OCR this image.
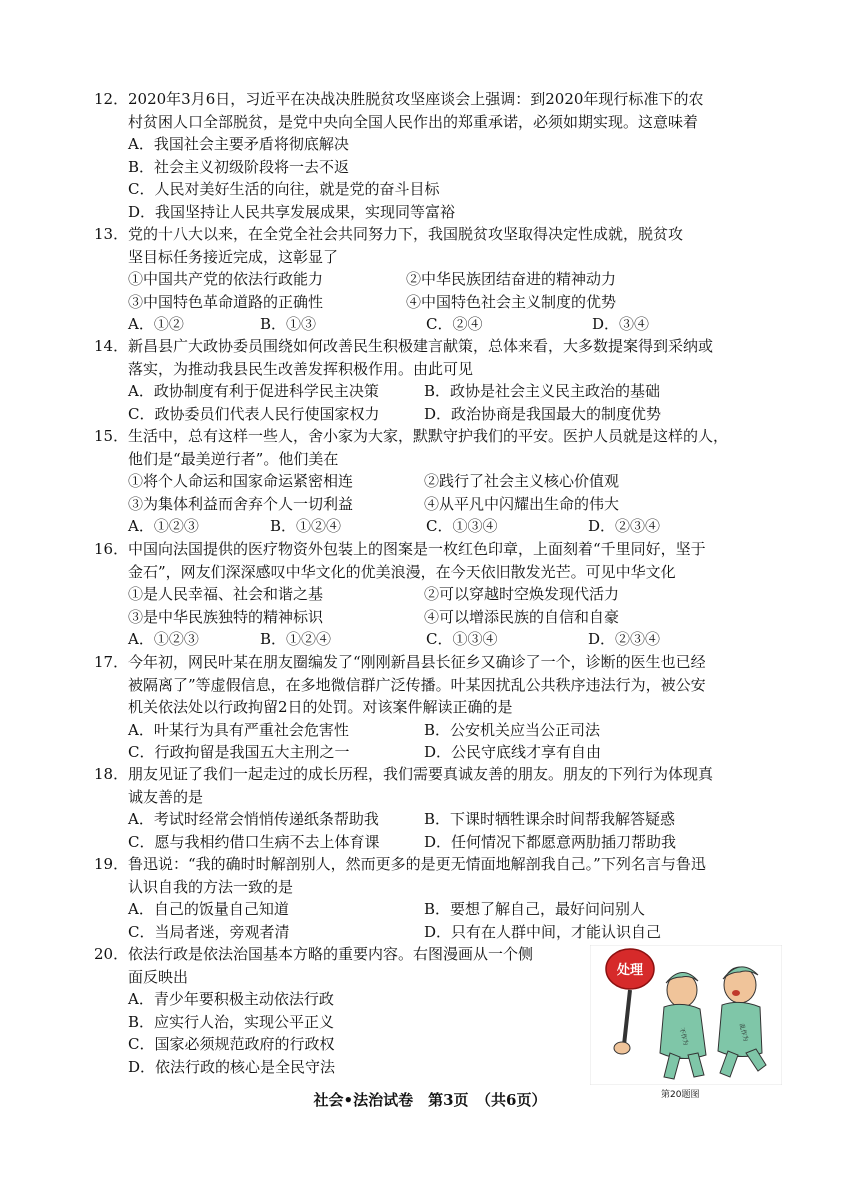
12． 2020年3月6日，习近平在决战决胜脱贫攻坚座谈会上强调：到2020年现行标准下的农
村贫困人口全部脱贫，是党中央向全国人民作出的郑重承诺，必须如期实现。这意味着
A．我国社会主要矛盾将彻底解决
B．社会主义初级阶段将一去不返
C．人民对美好生活的向往，就是党的奋斗目标
D．我国坚持让人民共享发展成果，实现同等富裕
13． 党的十八大以来，在全党全社会共同努力下，我国脱贫攻坚取得决定性成就，脱贫攻
坚目标任务接近完成，这彰显了
①中国共产党的依法行政能力	②中华民族团结奋进的精神动力
③中国特色革命道路的正确性	④中国特色社会主义制度的优势
A．①②	B．①③	C．②④	D．③④
14． 新昌县广大政协委员围绕如何改善民生积极建言献策，总体来看，大多数提案得到采纳或
落实，为推动我县民生改善发挥积极作用。由此可见
A．政协制度有利于促进科学民主决策	B．政协是社会主义民主政治的基础
C．政协委员们代表人民行使国家权力	D．政治协商是我国最大的制度优势
15． 生活中，总有这样一些人，舍小家为大家，默默守护我们的平安。医护人员就是这样的人，
他们是“最美逆行者”。他们美在
①将个人命运和国家命运紧密相连	②践行了社会主义核心价值观
③为集体利益而舍弃个人一切利益	④从平凡中闪耀出生命的伟大
A．①②③	B．①②④	C．①③④	D．②③④
16． 中国向法国提供的医疗物资外包装上的图案是一枚红色印章，上面刻着“千里同好，坚于
金石”，网友们深深感叹中华文化的优美浪漫，在今天依旧散发光芒。可见中华文化
①是人民幸福、社会和谐之基	②可以穿越时空焕发现代活力
③是中华民族独特的精神标识	④可以增添民族的自信和自豪
A．①②③	B．①②④	C．①③④	D．②③④
17． 今年初，网民叶某在朋友圈编发了“刚刚新昌县长征乡又确诊了一个，诊断的医生也已经
被隔离了”等虚假信息，在多地微信群广泛传播。叶某因扰乱公共秩序违法行为，被公安
机关依法处以行政拘留2日的处罚。对该案件解读正确的是
A．叶某行为具有严重社会危害性	B．公安机关应当公正司法
C．行政拘留是我国五大主刑之一	D．公民守底线才享有自由
18． 朋友见证了我们一起走过的成长历程，我们需要真诚友善的朋友。朋友的下列行为体现真
诚友善的是
A．考试时经常会悄悄传递纸条帮助我	B．下课时牺牲课余时间帮我解答疑惑
C．愿与我相约借口生病不去上体育课	D．任何情况下都愿意两肋插刀帮助我
19． 鲁迅说：“我的确时时解剖别人，然而更多的是更无情面地解剖我自己。”下列名言与鲁迅
认识自我的方法一致的是
A．自己的饭量自己知道	B．要想了解自己，最好问问别人
C．当局者迷，旁观者清	D．只有在人群中间，才能认识自己
20． 依法行政是依法治国基本方略的重要内容。右图漫画从一个侧
面反映出
A．青少年要积极主动依法行政
B．应实行人治，实现公平正义
C．国家必须规范政府的行政权
D．依法行政的核心是全民守法
处理
不作为	乱作为
第20题图
社会•法治试卷　第3页　（共6页）
